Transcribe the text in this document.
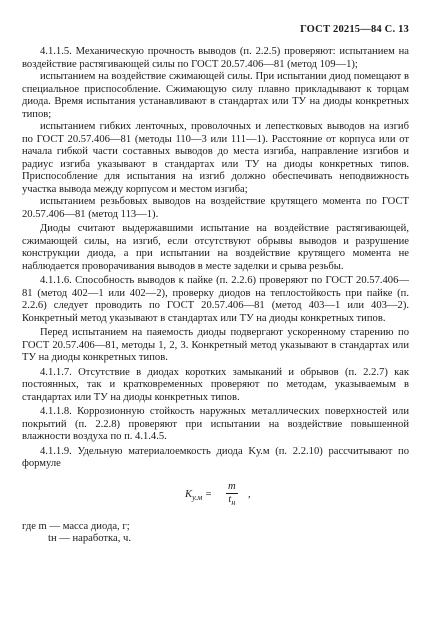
ГОСТ 20215—84 С. 13

4.1.1.5. Механическую прочность выводов (п. 2.2.5) проверяют: испытанием на воздействие растягивающей силы по ГОСТ 20.57.406—81 (метод 109—1);

испытанием на воздействие сжимающей силы. При испытании диод помещают в специальное приспособление. Сжимающую силу плавно прикладывают к торцам диода. Время испытания устанавливают в стандартах или ТУ на диоды конкретных типов;

испытанием гибких ленточных, проволочных и лепестковых выводов на изгиб по ГОСТ 20.57.406—81 (методы 110—3 или 111—1). Расстояние от корпуса или от начала гибкой части составных выводов до места изгиба, направление изгибов и радиус изгиба указывают в стандартах или ТУ на диоды конкретных типов. Приспособление для испытания на изгиб должно обеспечивать неподвижность участка вывода между корпусом и местом изгиба;

испытанием резьбовых выводов на воздействие крутящего момента по ГОСТ 20.57.406—81 (метод 113—1).

Диоды считают выдержавшими испытание на воздействие растягивающей, сжимающей силы, на изгиб, если отсутствуют обрывы выводов и разрушение конструкции диода, а при испытании на воздействие крутящего момента не наблюдается проворачивания выводов в месте заделки и срыва резьбы.

4.1.1.6. Способность выводов к пайке (п. 2.2.6) проверяют по ГОСТ 20.57.406—81 (метод 402—1 или 402—2), проверку диодов на теплостойкость при пайке (п. 2.2.6) следует проводить по ГОСТ 20.57.406—81 (метод 403—1 или 403—2). Конкретный метод указывают в стандартах или ТУ на диоды конкретных типов.

Перед испытанием на паяемость диоды подвергают ускоренному старению по ГОСТ 20.57.406—81, методы 1, 2, 3. Конкретный метод указывают в стандартах или ТУ на диоды конкретных типов.

4.1.1.7. Отсутствие в диодах коротких замыканий и обрывов (п. 2.2.7) как постоянных, так и кратковременных проверяют по методам, указываемым в стандартах или ТУ на диоды конкретных типов.

4.1.1.8. Коррозионную стойкость наружных металлических поверхностей или покрытий (п. 2.2.8) проверяют при испытании на воздействие повышенной влажности воздуха по п. 4.1.4.5.

4.1.1.9. Удельную материалоемкость диода Kу.м (п. 2.2.10) рассчитывают по формуле

$K_{у.м}$ =
m
$t_н$
,

где m — масса диода, г;

tн — наработка, ч.
